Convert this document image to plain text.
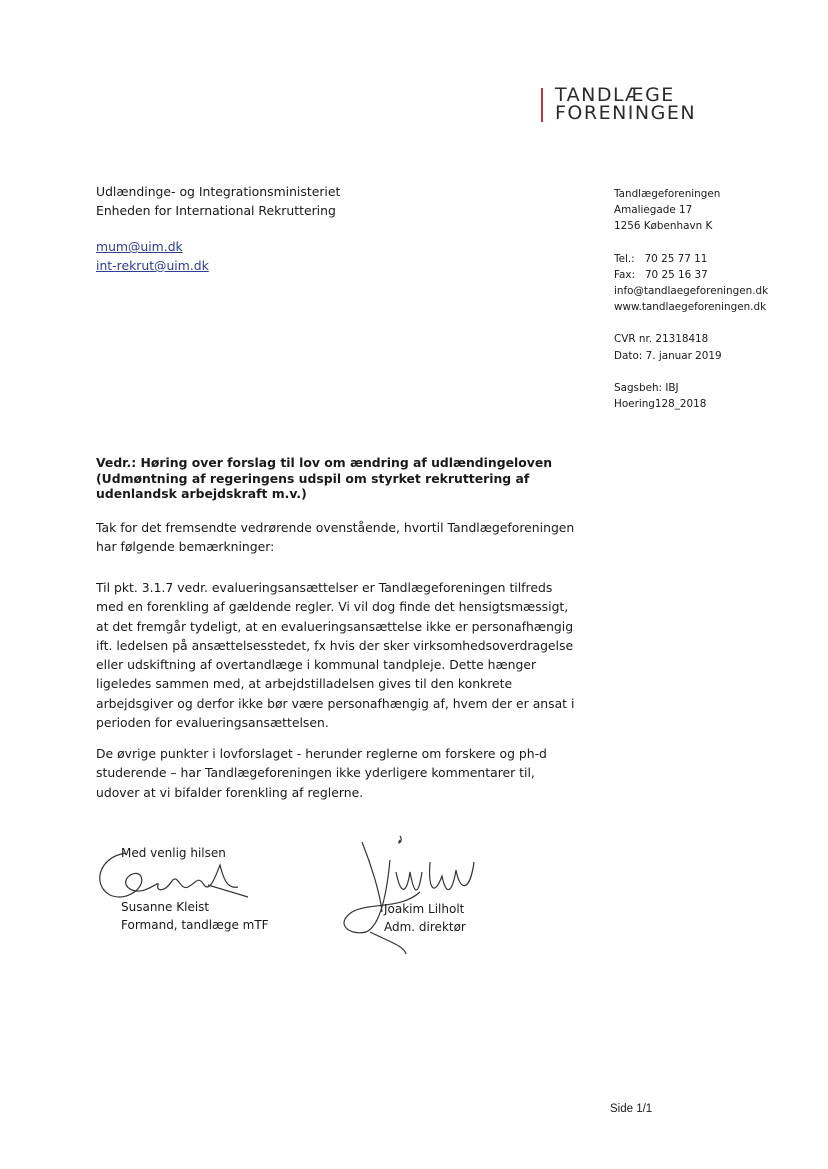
TANDLÆGE
FORENINGEN
Udlændinge- og Integrationsministeriet
Enheden for International Rekruttering
mum@uim.dk
int-rekrut@uim.dk
Tandlægeforeningen
Amaliegade 17
1256 København K
Tel.:   70 25 77 11
Fax:   70 25 16 37
info@tandlaegeforeningen.dk
www.tandlaegeforeningen.dk
CVR nr. 21318418
Dato: 7. januar 2019
Sagsbeh: IBJ
Hoering128_2018
Vedr.: Høring over forslag til lov om ændring af udlændingeloven (Udmøntning af regeringens udspil om styrket rekruttering af udenlandsk arbejdskraft m.v.)
Tak for det fremsendte vedrørende ovenstående, hvortil Tandlægeforeningen har følgende bemærkninger:
Til pkt. 3.1.7 vedr. evalueringsansættelser er Tandlægeforeningen tilfreds med en forenkling af gældende regler. Vi vil dog finde det hensigtsmæssigt, at det fremgår tydeligt, at en evalueringsansættelse ikke er personafhængig ift. ledelsen på ansættelsesstedet, fx hvis der sker virksomhedsoverdragelse eller udskiftning af overtandlæge i kommunal tandpleje. Dette hænger ligeledes sammen med, at arbejdstilladelsen gives til den konkrete arbejdsgiver og derfor ikke bør være personafhængig af, hvem der er ansat i perioden for evalueringsansættelsen.
De øvrige punkter i lovforslaget - herunder reglerne om forskere og ph-d studerende – har Tandlægeforeningen ikke yderligere kommentarer til, udover at vi bifalder forenkling af reglerne.
Med venlig hilsen
Susanne Kleist
Formand, tandlæge mTF
Joakim Lilholt
Adm. direktør
Side 1/1
